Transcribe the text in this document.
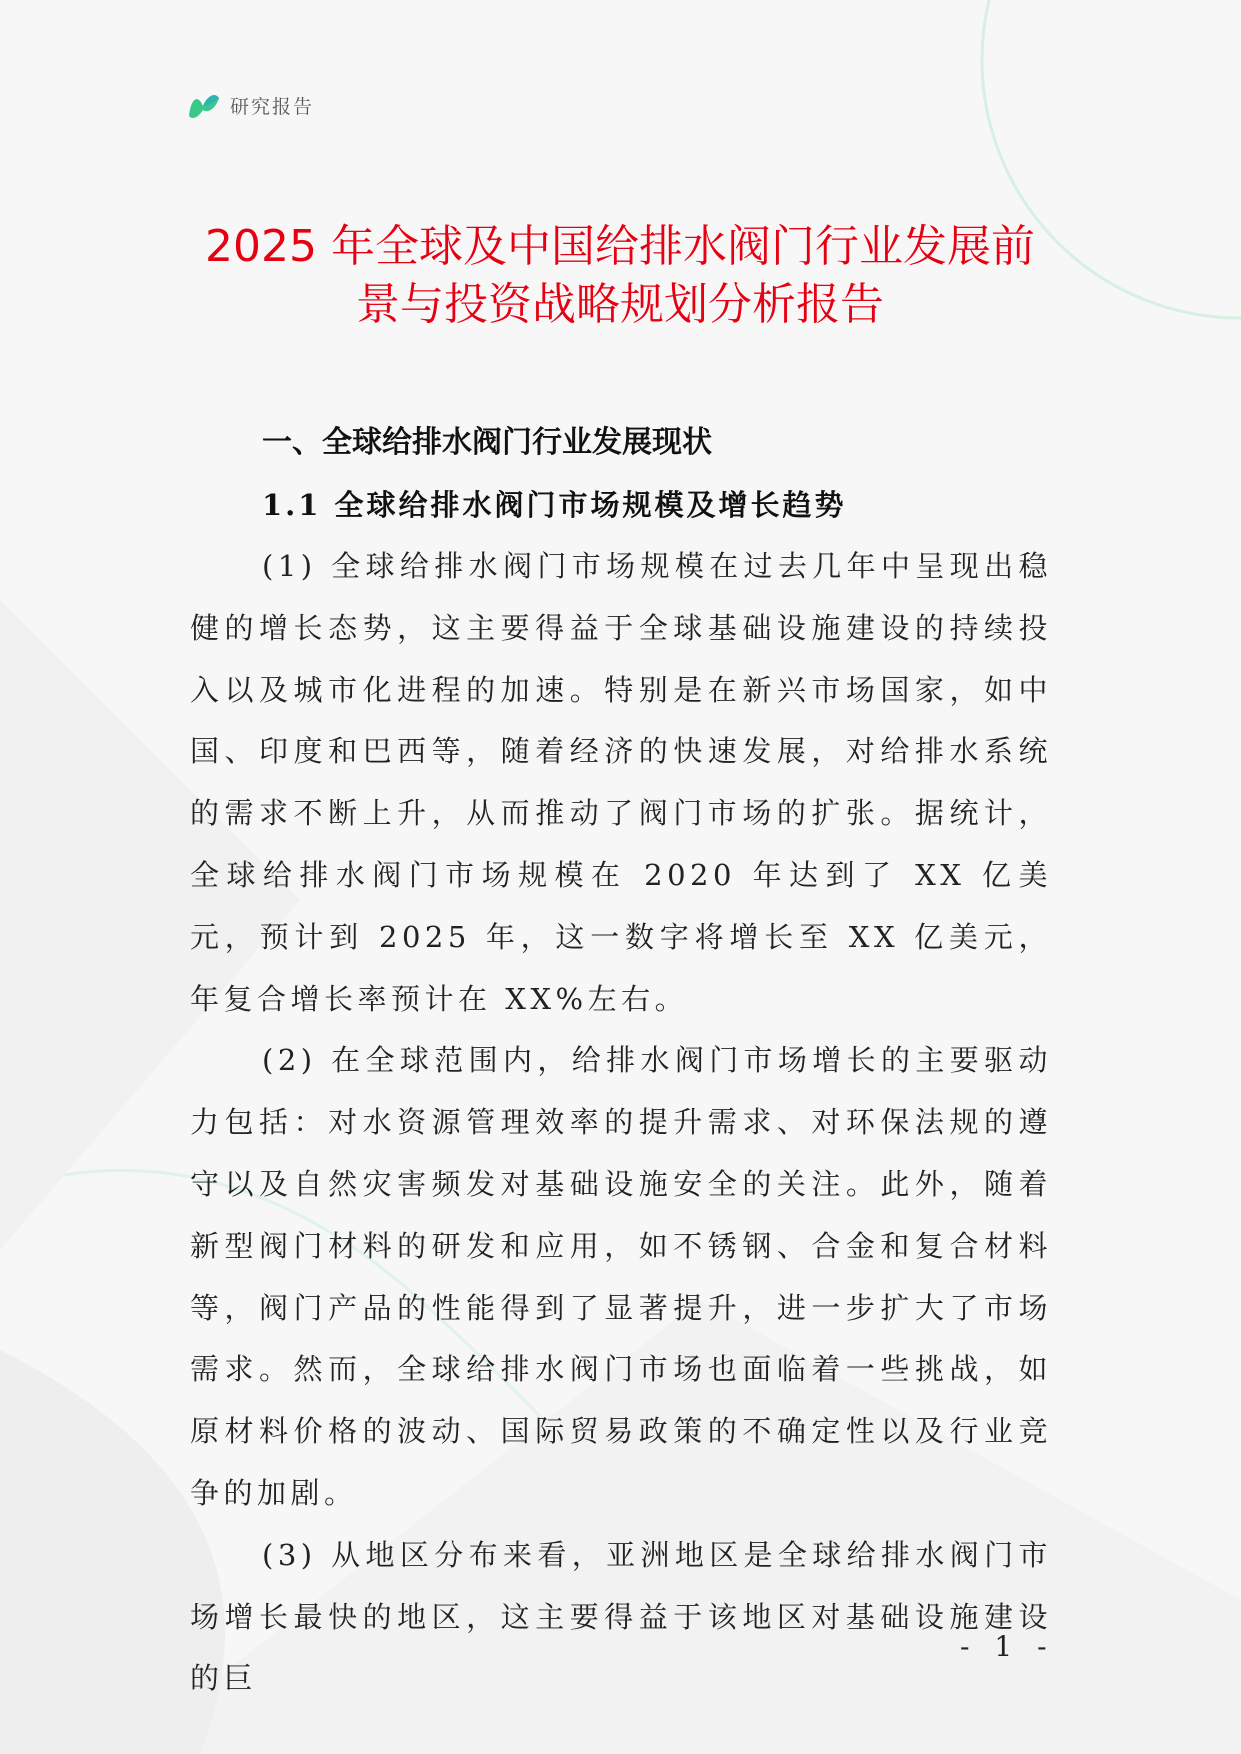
研究报告
2025 年全球及中国给排水阀门行业发展前
景与投资战略规划分析报告
一、全球给排水阀门行业发展现状
1.1 全球给排水阀门市场规模及增长趋势

(1) 全球给排水阀门市场规模在过去几年中呈现出稳健的增长态势，这主要得益于全球基础设施建设的持续投入以及城市化进程的加速。特别是在新兴市场国家，如中国、印度和巴西等，随着经济的快速发展，对给排水系统的需求不断上升，从而推动了阀门市场的扩张。据统计，全球给排水阀门市场规模在 2020 年达到了 XX 亿美元，预计到 2025 年，这一数字将增长至 XX 亿美元，年复合增长率预计在 XX%左右。

(2) 在全球范围内，给排水阀门市场增长的主要驱动力包括：对水资源管理效率的提升需求、对环保法规的遵守以及自然灾害频发对基础设施安全的关注。此外，随着新型阀门材料的研发和应用，如不锈钢、合金和复合材料等，阀门产品的性能得到了显著提升，进一步扩大了市场需求。然而，全球给排水阀门市场也面临着一些挑战，如原材料价格的波动、国际贸易政策的不确定性以及行业竞争的加剧。

(3) 从地区分布来看，亚洲地区是全球给排水阀门市场增长最快的地区，这主要得益于该地区对基础设施建设的巨

- 1 -
